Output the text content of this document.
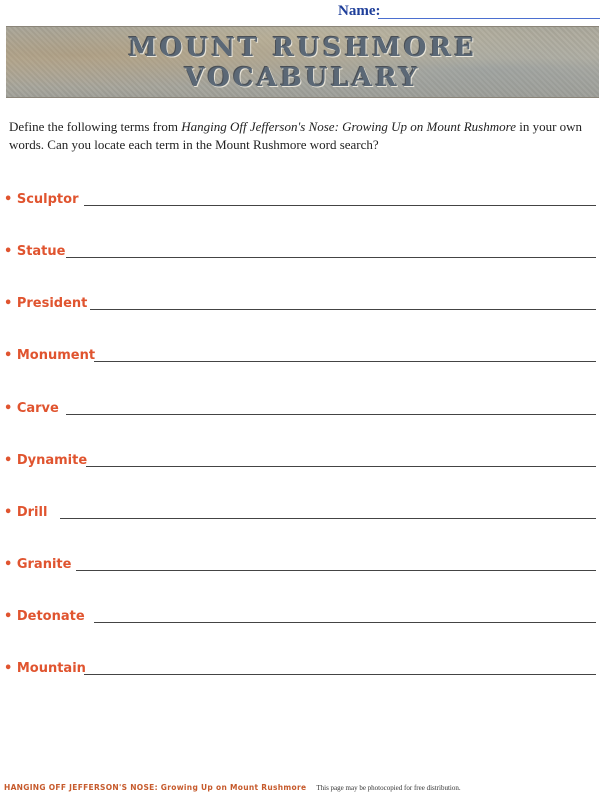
Name:
MOUNT RUSHMORE
VOCABULARY
Define the following terms from Hanging Off Jefferson's Nose: Growing Up on Mount Rushmore in your own words. Can you locate each term in the Mount Rushmore word search?
• Sculptor
• Statue
• President
• Monument
• Carve
• Dynamite
• Drill
• Granite
• Detonate
• Mountain
HANGING OFF JEFFERSON'S NOSE: Growing Up on Mount Rushmore This page may be photocopied for free distribution.
